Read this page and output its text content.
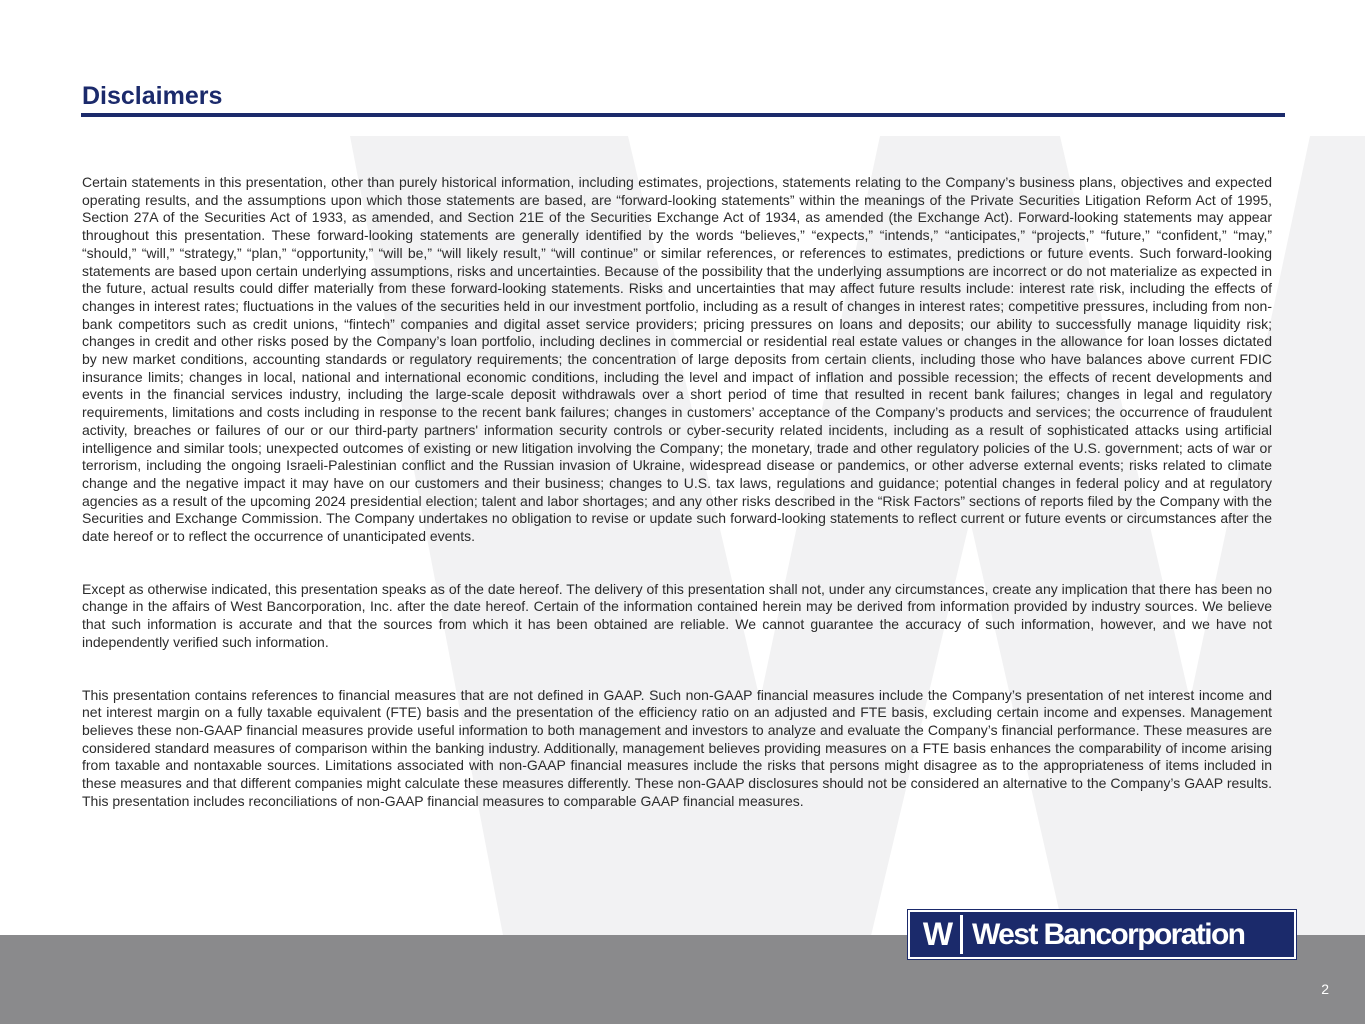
Disclaimers

Certain statements in this presentation, other than purely historical information, including estimates, projections, statements relating to the Company’s business plans, objectives and expected operating results, and the assumptions upon which those statements are based, are “forward-looking statements” within the meanings of the Private Securities Litigation Reform Act of 1995, Section 27A of the Securities Act of 1933, as amended, and Section 21E of the Securities Exchange Act of 1934, as amended (the Exchange Act). Forward-looking statements may appear throughout this presentation. These forward-looking statements are generally identified by the words “believes,” “expects,” “intends,” “anticipates,” “projects,” “future,” “confident,” “may,” “should,” “will,” “strategy,” “plan,” “opportunity,” “will be,” “will likely result,” “will continue” or similar references, or references to estimates, predictions or future events. Such forward-looking statements are based upon certain underlying assumptions, risks and uncertainties. Because of the possibility that the underlying assumptions are incorrect or do not materialize as expected in the future, actual results could differ materially from these forward-looking statements. Risks and uncertainties that may affect future results include: interest rate risk, including the effects of changes in interest rates; fluctuations in the values of the securities held in our investment portfolio, including as a result of changes in interest rates; competitive pressures, including from non-bank competitors such as credit unions, “fintech” companies and digital asset service providers; pricing pressures on loans and deposits; our ability to successfully manage liquidity risk; changes in credit and other risks posed by the Company’s loan portfolio, including declines in commercial or residential real estate values or changes in the allowance for loan losses dictated by new market conditions, accounting standards or regulatory requirements; the concentration of large deposits from certain clients, including those who have balances above current FDIC insurance limits; changes in local, national and international economic conditions, including the level and impact of inflation and possible recession; the effects of recent developments and events in the financial services industry, including the large-scale deposit withdrawals over a short period of time that resulted in recent bank failures; changes in legal and regulatory requirements, limitations and costs including in response to the recent bank failures; changes in customers’ acceptance of the Company’s products and services; the occurrence of fraudulent activity, breaches or failures of our or our third-party partners' information security controls or cyber-security related incidents, including as a result of sophisticated attacks using artificial intelligence and similar tools; unexpected outcomes of existing or new litigation involving the Company; the monetary, trade and other regulatory policies of the U.S. government; acts of war or terrorism, including the ongoing Israeli-Palestinian conflict and the Russian invasion of Ukraine, widespread disease or pandemics, or other adverse external events; risks related to climate change and the negative impact it may have on our customers and their business; changes to U.S. tax laws, regulations and guidance; potential changes in federal policy and at regulatory agencies as a result of the upcoming 2024 presidential election; talent and labor shortages; and any other risks described in the “Risk Factors” sections of reports filed by the Company with the Securities and Exchange Commission. The Company undertakes no obligation to revise or update such forward-looking statements to reflect current or future events or circumstances after the date hereof or to reflect the occurrence of unanticipated events.

Except as otherwise indicated, this presentation speaks as of the date hereof. The delivery of this presentation shall not, under any circumstances, create any implication that there has been no change in the affairs of West Bancorporation, Inc. after the date hereof. Certain of the information contained herein may be derived from information provided by industry sources. We believe that such information is accurate and that the sources from which it has been obtained are reliable. We cannot guarantee the accuracy of such information, however, and we have not independently verified such information.

This presentation contains references to financial measures that are not defined in GAAP. Such non-GAAP financial measures include the Company’s presentation of net interest income and net interest margin on a fully taxable equivalent (FTE) basis and the presentation of the efficiency ratio on an adjusted and FTE basis, excluding certain income and expenses. Management believes these non-GAAP financial measures provide useful information to both management and investors to analyze and evaluate the Company’s financial performance. These measures are considered standard measures of comparison within the banking industry. Additionally, management believes providing measures on a FTE basis enhances the comparability of income arising from taxable and nontaxable sources. Limitations associated with non-GAAP financial measures include the risks that persons might disagree as to the appropriateness of items included in these measures and that different companies might calculate these measures differently. These non-GAAP disclosures should not be considered an alternative to the Company’s GAAP results. This presentation includes reconciliations of non-GAAP financial measures to comparable GAAP financial measures.

W West Bancorporation
2
